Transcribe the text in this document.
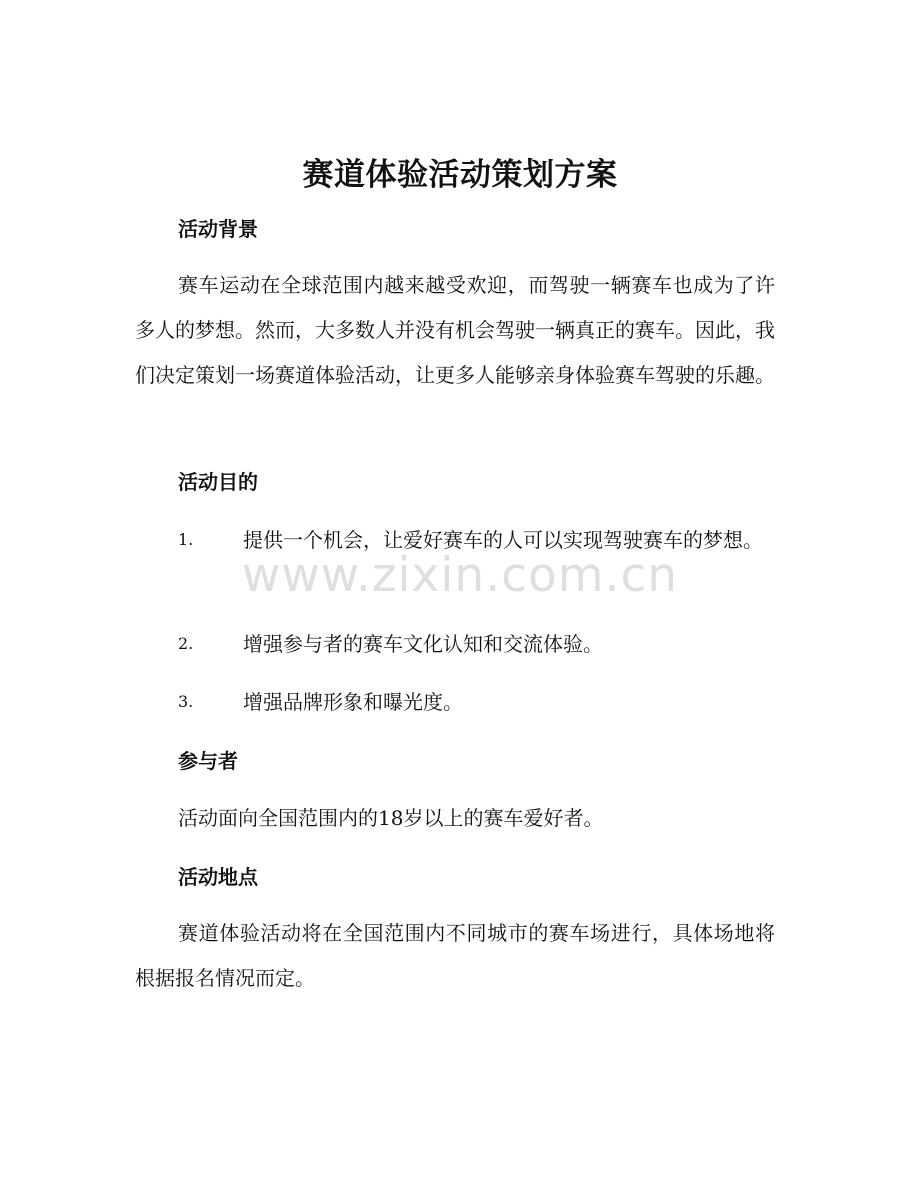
赛道体验活动策划方案
活动背景
赛车运动在全球范围内越来越受欢迎，而驾驶一辆赛车也成为了许多人的梦想。然而，大多数人并没有机会驾驶一辆真正的赛车。因此，我们决定策划一场赛道体验活动，让更多人能够亲身体验赛车驾驶的乐趣。
活动目的
1.	提供一个机会，让爱好赛车的人可以实现驾驶赛车的梦想。
2.	增强参与者的赛车文化认知和交流体验。
3.	增强品牌形象和曝光度。
参与者
活动面向全国范围内的18岁以上的赛车爱好者。
活动地点
赛道体验活动将在全国范围内不同城市的赛车场进行，具体场地将根据报名情况而定。
www.zixin.com.cn
